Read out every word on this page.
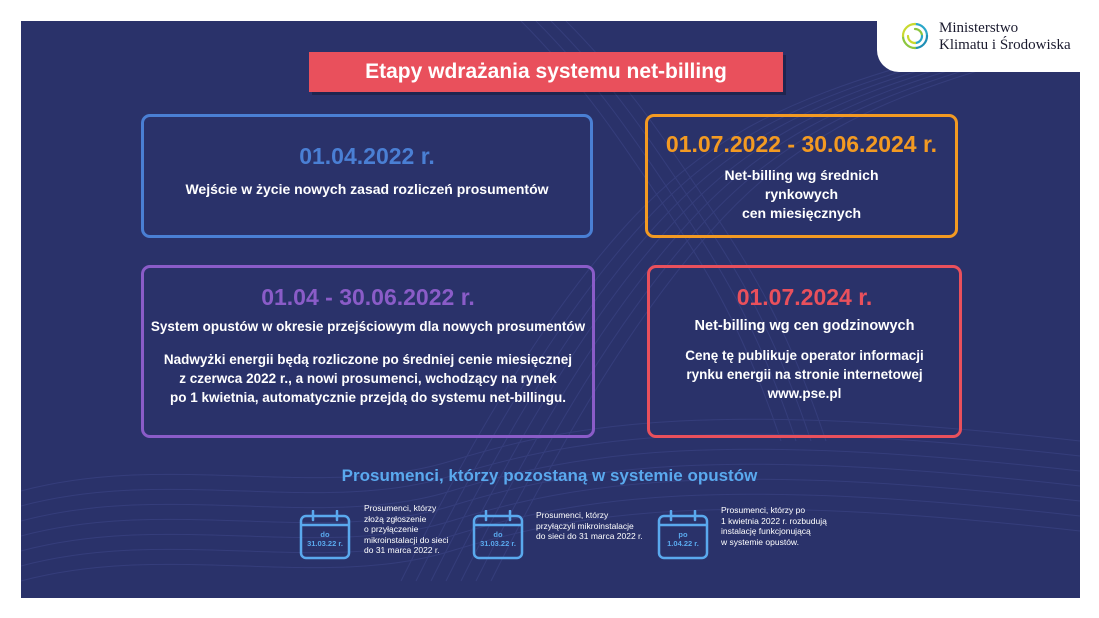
Ministerstwo
Klimatu i Środowiska
Etapy wdrażania systemu net-billing
01.04.2022 r.
Wejście w życie nowych zasad rozliczeń prosumentów
01.07.2022 - 30.06.2024 r.
Net-billing wg średnich
rynkowych
cen miesięcznych
01.04 - 30.06.2022 r.
System opustów w okresie przejściowym dla nowych prosumentów
Nadwyżki energii będą rozliczone po średniej cenie miesięcznej
z czerwca 2022 r., a nowi prosumenci, wchodzący na rynek
po 1 kwietnia, automatycznie przejdą do systemu net-billingu.
01.07.2024 r.
Net-billing wg cen godzinowych
Cenę tę publikuje operator informacji
rynku energii na stronie internetowej
www.pse.pl
Prosumenci, którzy pozostaną w systemie opustów
do
31.03.22 r.
Prosumenci, którzy
złożą zgłoszenie
o przyłączenie
mikroinstalacji do sieci
do 31 marca 2022 r.
do
31.03.22 r.
Prosumenci, którzy
przyłączyli mikroinstalacje
do sieci do 31 marca 2022 r.	po
1.04.22 r.
Prosumenci, którzy po
1 kwietnia 2022 r. rozbudują
instalację funkcjonującą
w systemie opustów.
